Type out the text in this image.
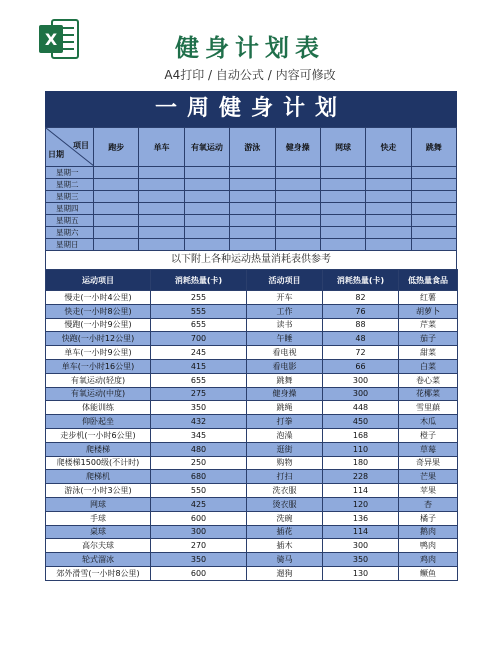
X	健身计划表
A4打印 / 自动公式 / 内容可修改
一周健身计划
项目
日期	跑步	单车	有氧运动	游泳	健身操	网球	快走	跳舞
星期一								
星期二								
星期三								
星期四								
星期五								
星期六								
星期日								
以下附上各种运动热量消耗表供参考
运动项目	消耗热量(卡)	活动项目	消耗热量(卡)	低热量食品
慢走(一小时4公里)	255	开车	82	红薯
快走(一小时8公里)	555	工作	76	胡萝卜
慢跑(一小时9公里)	655	读书	88	芹菜
快跑(一小时12公里)	700	午睡	48	茄子
单车(一小时9公里)	245	看电视	72	甜菜
单车(一小时16公里)	415	看电影	66	白菜
有氧运动(轻度)	655	跳舞	300	卷心菜
有氧运动(中度)	275	健身操	300	花椰菜
体能训练	350	跳绳	448	雪里蕻
仰卧起坐	432	打拳	450	木瓜
走步机(一小时6公里)	345	泡澡	168	橙子
爬楼梯	480	逛街	110	草莓
爬楼梯1500级(不计时)	250	购物	180	奇异果
爬梯机	680	打扫	228	芒果
游泳(一小时3公里)	550	洗衣服	114	苹果
网球	425	烫衣服	120	杏
手球	600	洗碗	136	橘子
桌球	300	插花	114	鹅肉
高尔夫球	270	插木	300	鸭肉
轮式溜冰	350	骑马	350	鸡肉
郊外滑雪(一小时8公里)	600	遛狗	130	鳜鱼
